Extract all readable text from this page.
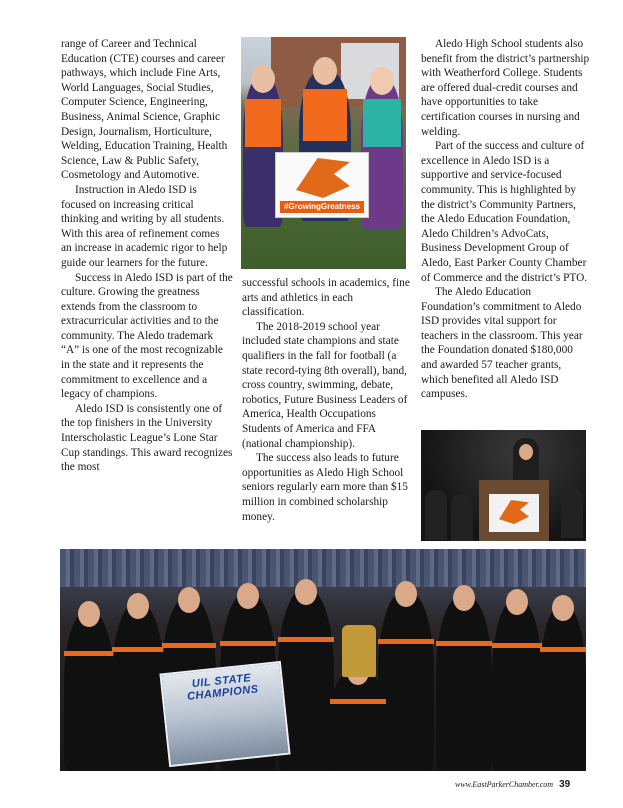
range of Career and Technical Education (CTE) courses and career pathways, which include Fine Arts, World Languages, Social Studies, Computer Science, Engineering, Business, Animal Science, Graphic Design, Journalism, Horticulture, Welding, Education Training, Health Science, Law & Public Safety, Cosmetology and Automotive.

Instruction in Aledo ISD is focused on increasing critical thinking and writing by all students. With this area of refinement comes an increase in academic rigor to help guide our learners for the future.

Success in Aledo ISD is part of the culture. Growing the greatness extends from the classroom to extracurricular activities and to the community. The Aledo trademark “A” is one of the most recognizable in the state and it represents the commitment to excellence and a legacy of champions.

Aledo ISD is consistently one of the top finishers in the University Interscholastic League’s Lone Star Cup standings. This award recognizes the most

#GrowingGreatness

successful schools in academics, fine arts and athletics in each classification.

The 2018-2019 school year included state champions and state qualifiers in the fall for football (a state record-tying 8th overall), band, cross country, swimming, debate, robotics, Future Business Leaders of America, Health Occupations Students of America and FFA (national championship).

The success also leads to future opportunities as Aledo High School seniors regularly earn more than $15 million in combined scholarship money.

Aledo High School students also benefit from the district’s partnership with Weatherford College. Students are offered dual-credit courses and have opportunities to take certification courses in nursing and welding.

Part of the success and culture of excellence in Aledo ISD is a supportive and service-focused community. This is highlighted by the district’s Community Partners, the Aledo Education Foundation, Aledo Children’s AdvoCats, Business Development Group of Aledo, East Parker County Chamber of Commerce and the district’s PTO.

The Aledo Education Foundation’s commitment to Aledo ISD provides vital support for teachers in the classroom. This year the Foundation donated $180,000 and awarded 57 teacher grants, which benefited all Aledo ISD campuses.

UIL STATE CHAMPIONS
www.EastParkerChamber.com 39
